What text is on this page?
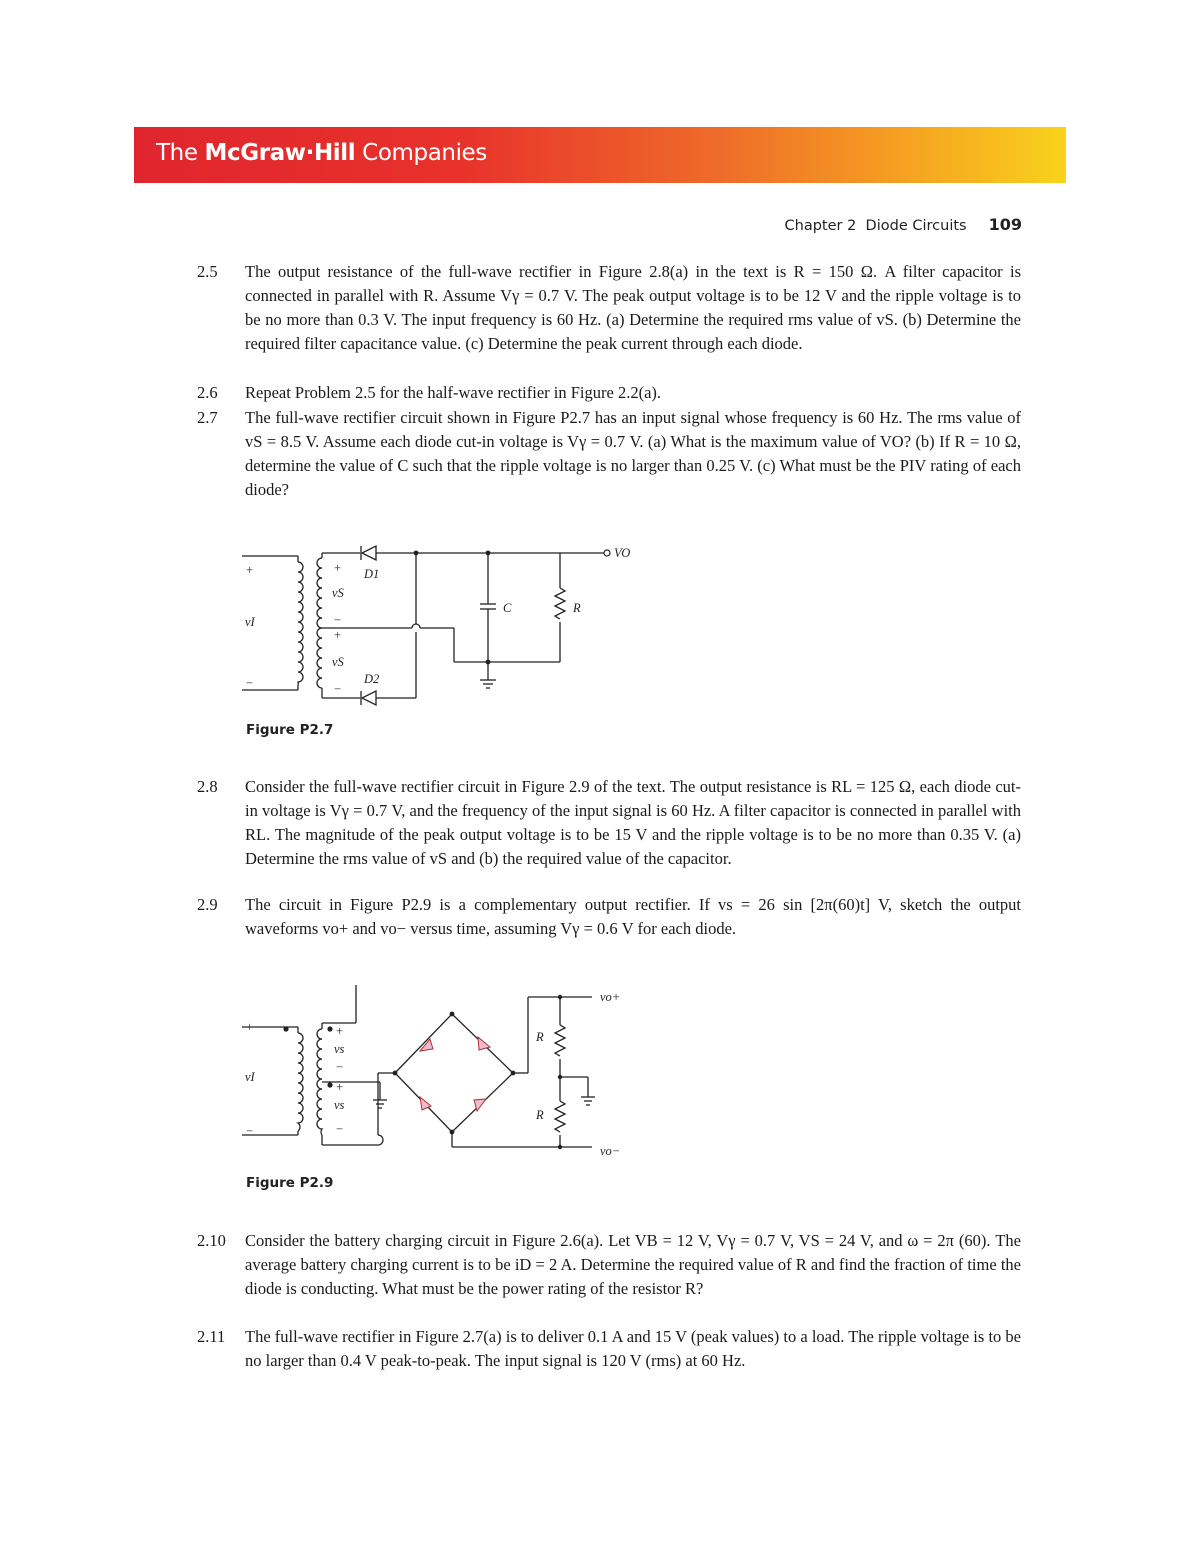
The McGraw·Hill Companies
Chapter 2  Diode Circuits 109
2.5	The output resistance of the full-wave rectifier in Figure 2.8(a) in the text is R = 150 Ω. A filter capacitor is connected in parallel with R. Assume Vγ = 0.7 V. The peak output voltage is to be 12 V and the ripple voltage is to be no more than 0.3 V. The input frequency is 60 Hz. (a) Determine the required rms value of vS. (b) Determine the required filter capacitance value. (c) Determine the peak current through each diode.
2.6	Repeat Problem 2.5 for the half-wave rectifier in Figure 2.2(a).
2.7	The full-wave rectifier circuit shown in Figure P2.7 has an input signal whose frequency is 60 Hz. The rms value of vS = 8.5 V. Assume each diode cut-in voltage is Vγ = 0.7 V. (a) What is the maximum value of VO? (b) If R = 10 Ω, determine the value of C such that the ripple voltage is no larger than 0.25 V. (c) What must be the PIV rating of each diode?
+
−
vI
+
vS
−
+
vS
−
D1
D2
C	R
VO
Figure P2.7
2.8	Consider the full-wave rectifier circuit in Figure 2.9 of the text. The output resistance is RL = 125 Ω, each diode cut-in voltage is Vγ = 0.7 V, and the frequency of the input signal is 60 Hz. A filter capacitor is connected in parallel with RL. The magnitude of the peak output voltage is to be 15 V and the ripple voltage is to be no more than 0.35 V. (a) Determine the rms value of vS and (b) the required value of the capacitor.
2.9	The circuit in Figure P2.9 is a complementary output rectifier. If vs = 26 sin [2π(60)t] V, sketch the output waveforms vo+ and vo− versus time, assuming Vγ = 0.6 V for each diode.
+
−
vI
+
vs
−
+
vs
−
R
R
vo+
vo−
Figure P2.9
2.10	Consider the battery charging circuit in Figure 2.6(a). Let VB = 12 V, Vγ = 0.7 V, VS = 24 V, and ω = 2π (60). The average battery charging current is to be iD = 2 A. Determine the required value of R and find the fraction of time the diode is conducting. What must be the power rating of the resistor R?
2.11	The full-wave rectifier in Figure 2.7(a) is to deliver 0.1 A and 15 V (peak values) to a load. The ripple voltage is to be no larger than 0.4 V peak-to-peak. The input signal is 120 V (rms) at 60 Hz.
